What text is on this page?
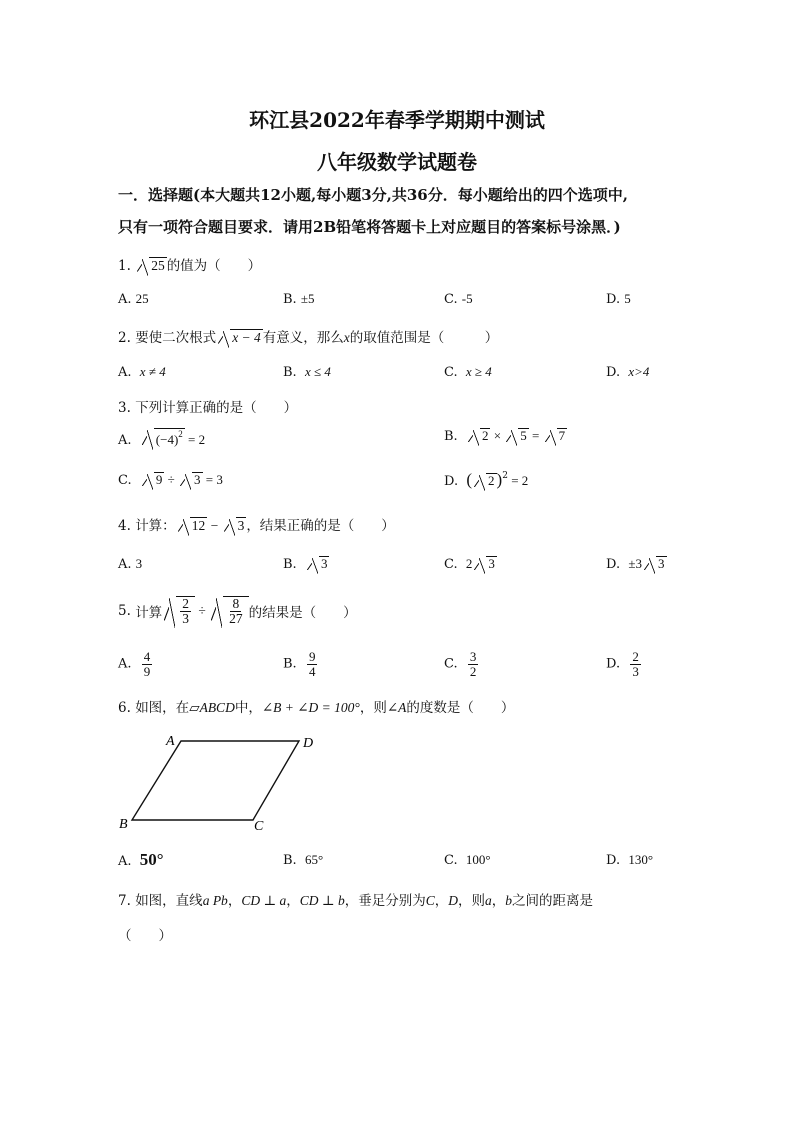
环江县2022年春季学期期中测试
八年级数学试题卷
一．选择题(本大题共12小题,每小题3分,共36分．每小题给出的四个选项中,
只有一项符合题目要求．请用2B铅笔将答题卡上对应题目的答案标号涂黑．)
1. 25 的值为（　　）
A. 25	B. ±5	C. -5	D. 5
2. 要使二次根式 x − 4 有意义，那么x的取值范围是（　　　）
A. x ≠ 4	B. x ≤ 4	C. x ≥ 4	D. x>4
3. 下列计算正确的是（　　）
A. $(-4)^2 = 2$	B. 2 × 5 = 7
C. 9 ÷ 3 = 3	D. ( 2 )$^2$ = 2
4. 计算： 12 − 3 ，结果正确的是（　　）
A. 3	B. 3	C. 2 3	D. ±3 3
5. 计算 $\frac{2}{3} \div \frac{8}{27}$ 的结果是（　　）
A. $\frac{4}{9}$	B. $\frac{9}{4}$	C. $\frac{3}{2}$	D. $\frac{2}{3}$
6. 如图，在▱ABCD中，∠B + ∠D = 100°，则∠A的度数是（　　）
A	D
B	C
A. 50°	B. 65°	C. 100°	D. 130°
7. 如图，直线a Pb，CD ⊥ a，CD ⊥ b，垂足分别为C，D，则a，b之间的距离是
（　　）
